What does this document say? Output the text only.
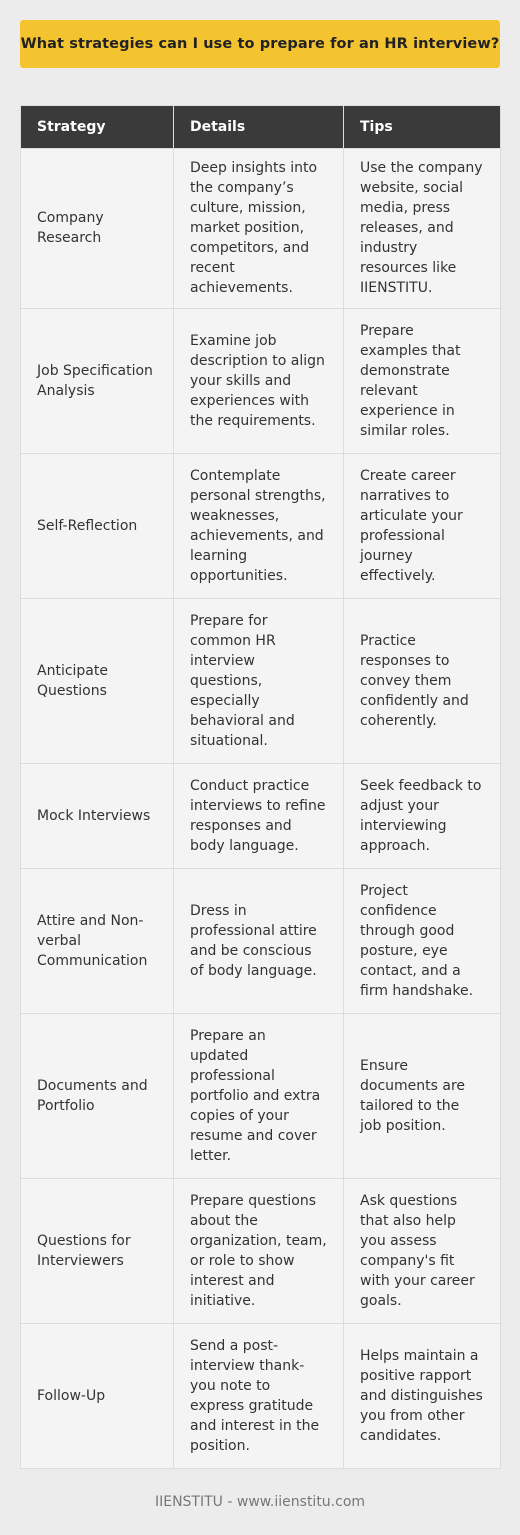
What strategies can I use to prepare for an HR interview?
Strategy	Details	Tips
Company Research	Deep insights into the company’s culture, mission, market position, competitors, and recent achievements.	Use the company website, social media, press releases, and industry resources like IIENSTITU.
Job Specification Analysis	Examine job description to align your skills and experiences with the requirements.	Prepare examples that demonstrate relevant experience in similar roles.
Self-Reflection	Contemplate personal strengths, weaknesses, achievements, and learning opportunities.	Create career narratives to articulate your professional journey effectively.
Anticipate Questions	Prepare for common HR interview questions, especially behavioral and situational.	Practice responses to convey them confidently and coherently.
Mock Interviews	Conduct practice interviews to refine responses and body language.	Seek feedback to adjust your interviewing approach.
Attire and Non-verbal Communication	Dress in professional attire and be conscious of body language.	Project confidence through good posture, eye contact, and a firm handshake.
Documents and Portfolio	Prepare an updated professional portfolio and extra copies of your resume and cover letter.	Ensure documents are tailored to the job position.
Questions for Interviewers	Prepare questions about the organization, team, or role to show interest and initiative.	Ask questions that also help you assess company's fit with your career goals.
Follow-Up	Send a post-interview thank-you note to express gratitude and interest in the position.	Helps maintain a positive rapport and distinguishes you from other candidates.
IIENSTITU - www.iienstitu.com
